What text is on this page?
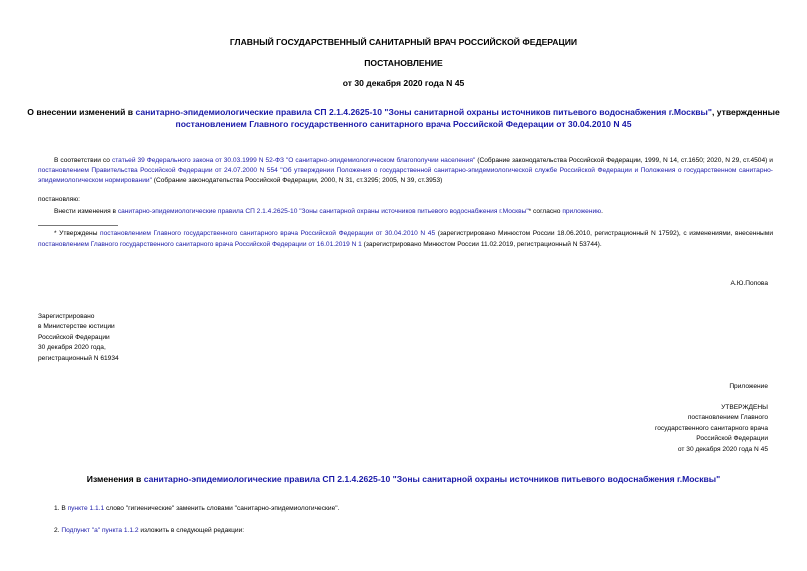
ГЛАВНЫЙ ГОСУДАРСТВЕННЫЙ САНИТАРНЫЙ ВРАЧ РОССИЙСКОЙ ФЕДЕРАЦИИ
ПОСТАНОВЛЕНИЕ
от 30 декабря 2020 года N 45
О внесении изменений в санитарно-эпидемиологические правила СП 2.1.4.2625-10 "Зоны санитарной охраны источников питьевого водоснабжения г.Москвы", утвержденные постановлением Главного государственного санитарного врача Российской Федерации от 30.04.2010 N 45
В соответствии со статьей 39 Федерального закона от 30.03.1999 N 52-ФЗ "О санитарно-эпидемиологическом благополучии населения" (Собрание законодательства Российской Федерации, 1999, N 14, ст.1650; 2020, N 29, ст.4504) и постановлением Правительства Российской Федерации от 24.07.2000 N 554 "Об утверждении Положения о государственной санитарно-эпидемиологической службе Российской Федерации и Положения о государственном санитарно-эпидемиологическом нормировании" (Собрание законодательства Российской Федерации, 2000, N 31, ст.3295; 2005, N 39, ст.3953)
постановляю:
Внести изменения в санитарно-эпидемиологические правила СП 2.1.4.2625-10 "Зоны санитарной охраны источников питьевого водоснабжения г.Москвы"* согласно приложению.
* Утверждены постановлением Главного государственного санитарного врача Российской Федерации от 30.04.2010 N 45 (зарегистрировано Минюстом России 18.06.2010, регистрационный N 17592), с изменениями, внесенными постановлением Главного государственного санитарного врача Российской Федерации от 16.01.2019 N 1 (зарегистрировано Минюстом России 11.02.2019, регистрационный N 53744).
А.Ю.Попова
Зарегистрировано
в Министерстве юстиции
Российской Федерации
30 декабря 2020 года,
регистрационный N 61934
Приложение
УТВЕРЖДЕНЫ
постановлением Главного
государственного санитарного врача
Российской Федерации
от 30 декабря 2020 года N 45
Изменения в санитарно-эпидемиологические правила СП 2.1.4.2625-10 "Зоны санитарной охраны источников питьевого водоснабжения г.Москвы"
1. В пункте 1.1.1 слово "гигиенические" заменить словами "санитарно-эпидемиологические".
2. Подпункт "а" пункта 1.1.2 изложить в следующей редакции:
